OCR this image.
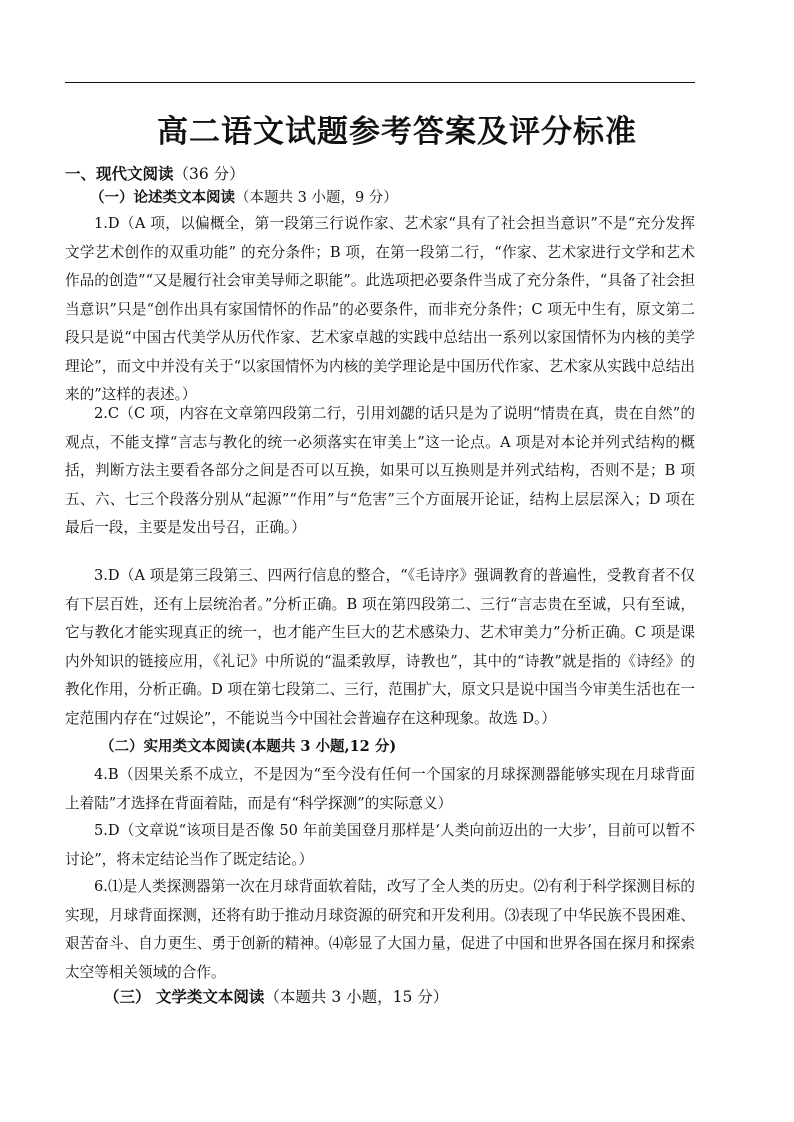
高二语文试题参考答案及评分标准
一、现代文阅读（36 分）
（一）论述类文本阅读（本题共 3 小题，9 分）

1.D（A 项，以偏概全，第一段第三行说作家、艺术家“具有了社会担当意识”不是“充分发挥文学艺术创作的双重功能” 的充分条件；B 项，在第一段第二行，“作家、艺术家进行文学和艺术作品的创造”“又是履行社会审美导师之职能”。此选项把必要条件当成了充分条件，“具备了社会担当意识”只是“创作出具有家国情怀的作品”的必要条件，而非充分条件；C 项无中生有，原文第二段只是说“中国古代美学从历代作家、艺术家卓越的实践中总结出一系列以家国情怀为内核的美学理论”，而文中并没有关于“以家国情怀为内核的美学理论是中国历代作家、艺术家从实践中总结出来的”这样的表述。）

2.C（C 项，内容在文章第四段第二行，引用刘勰的话只是为了说明“情贵在真，贵在自然”的观点，不能支撑“言志与教化的统一必须落实在审美上”这一论点。A 项是对本论并列式结构的概括，判断方法主要看各部分之间是否可以互换，如果可以互换则是并列式结构，否则不是；B 项五、六、七三个段落分别从“起源”“作用”与“危害”三个方面展开论证，结构上层层深入；D 项在最后一段，主要是发出号召，正确。）

3.D（A 项是第三段第三、四两行信息的整合，“《毛诗序》强调教育的普遍性，受教育者不仅有下层百姓，还有上层统治者。”分析正确。B 项在第四段第二、三行“言志贵在至诚，只有至诚，它与教化才能实现真正的统一，也才能产生巨大的艺术感染力、艺术审美力”分析正确。C 项是课内外知识的链接应用，《礼记》中所说的“温柔敦厚，诗教也”，其中的“诗教”就是指的《诗经》的教化作用，分析正确。D 项在第七段第二、三行，范围扩大，原文只是说中国当今审美生活也在一定范围内存在“过娱论”，不能说当今中国社会普遍存在这种现象。故选 D。）

（二）实用类文本阅读(本题共 3 小题,12 分)

4.B（因果关系不成立，不是因为“至今没有任何一个国家的月球探测器能够实现在月球背面上着陆”才选择在背面着陆，而是有“科学探测”的实际意义）

5.D（文章说“该项目是否像 50 年前美国登月那样是‘人类向前迈出的一大步’，目前可以暂不讨论”，将未定结论当作了既定结论。）

6.⑴是人类探测器第一次在月球背面软着陆，改写了全人类的历史。⑵有利于科学探测目标的实现，月球背面探测，还将有助于推动月球资源的研究和开发利用。⑶表现了中华民族不畏困难、艰苦奋斗、自力更生、勇于创新的精神。⑷彰显了大国力量，促进了中国和世界各国在探月和探索太空等相关领域的合作。

（三） 文学类文本阅读（本题共 3 小题，15 分）
